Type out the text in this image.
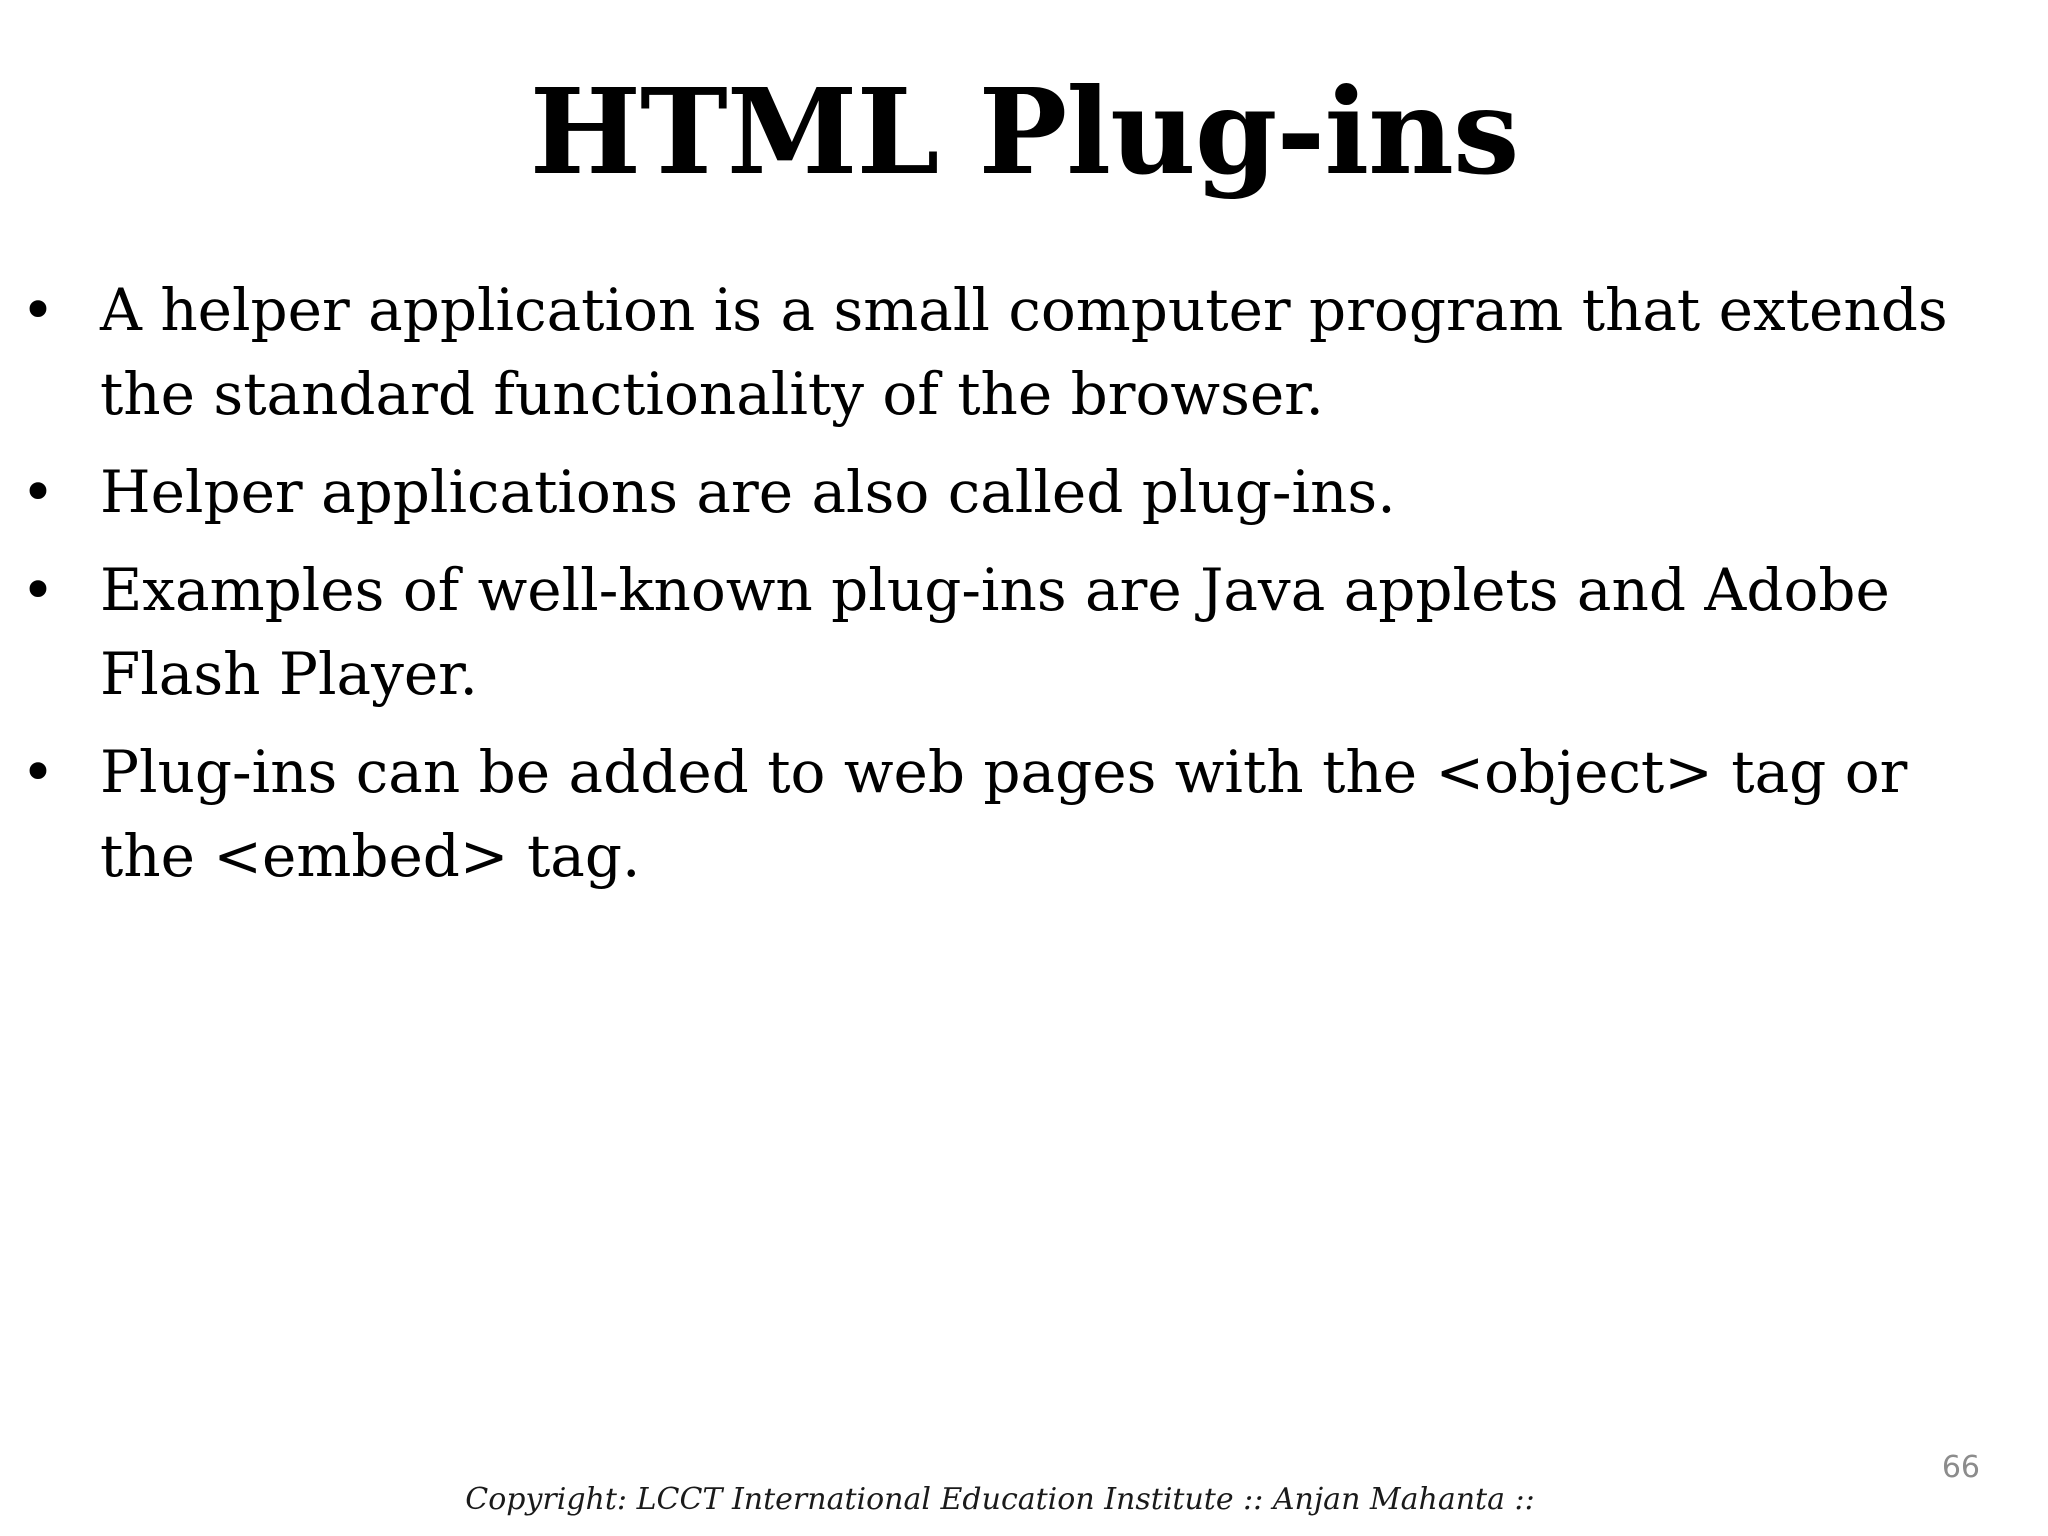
HTML Plug-ins
• A helper application is a small computer program that extends the standard functionality of the browser.
• Helper applications are also called plug-ins.
• Examples of well-known plug-ins are Java applets and Adobe Flash Player.
• Plug-ins can be added to web pages with the <object> tag or the <embed> tag.
66
Copyright: LCCT International Education Institute :: Anjan Mahanta ::
